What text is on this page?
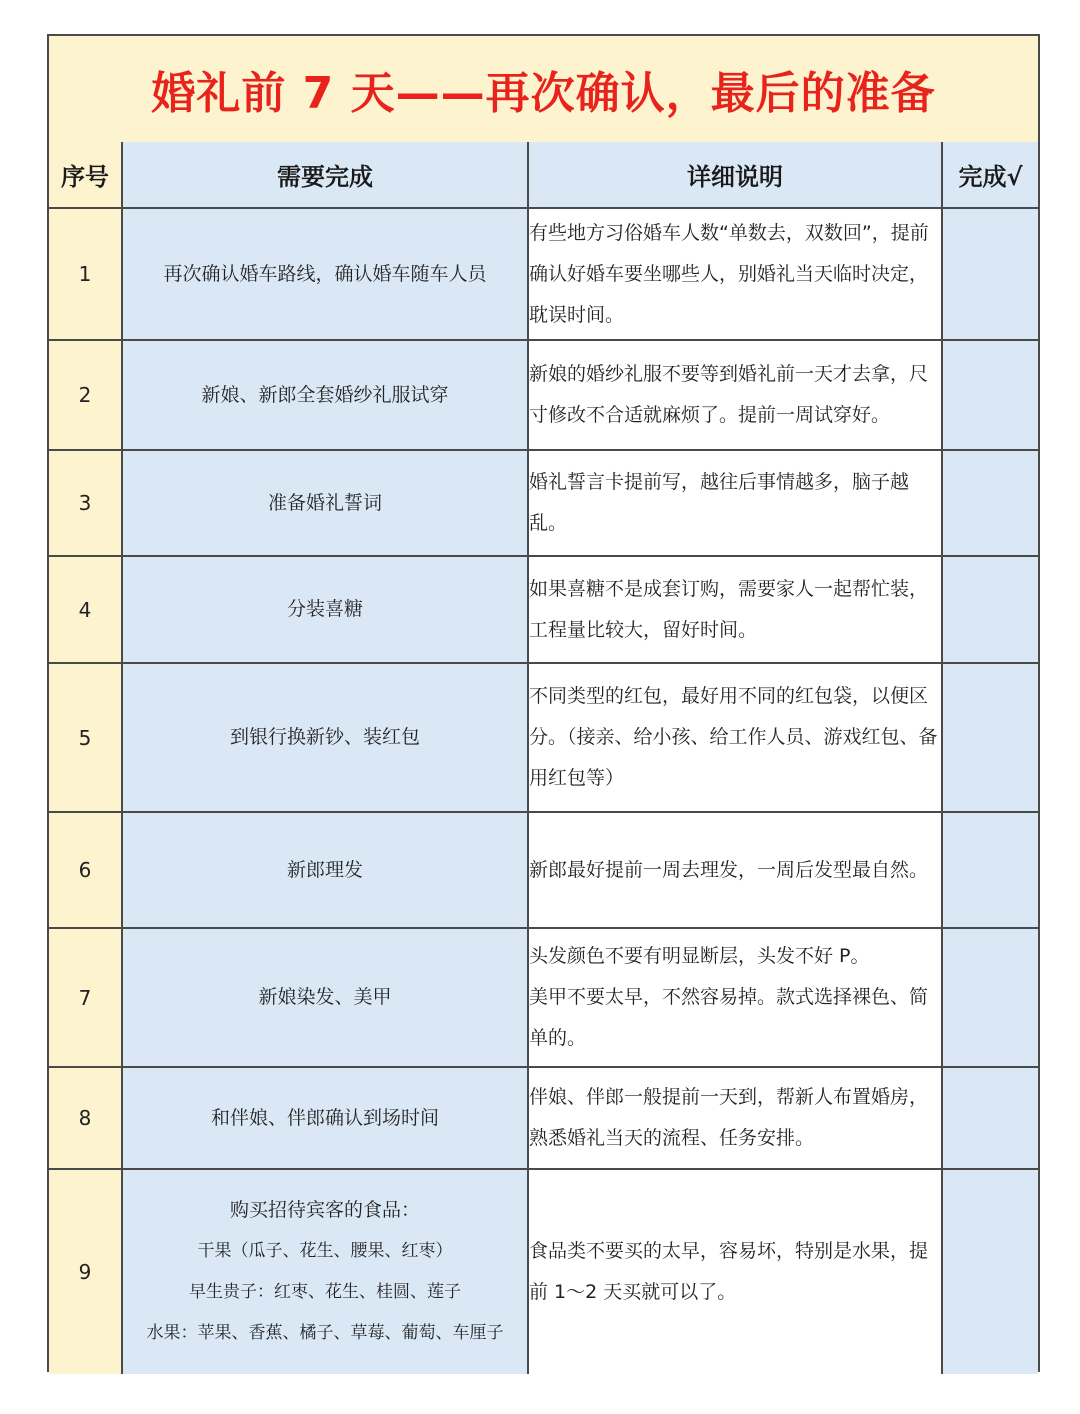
婚礼前 7 天——再次确认，最后的准备
序号	需要完成	详细说明	完成√
1	再次确认婚车路线，确认婚车随车人员	有些地方习俗婚车人数“单数去，双数回”，提前确认好婚车要坐哪些人，别婚礼当天临时决定，耽误时间。	

2	新娘、新郎全套婚纱礼服试穿	新娘的婚纱礼服不要等到婚礼前一天才去拿，尺寸修改不合适就麻烦了。提前一周试穿好。	

3	准备婚礼誓词	婚礼誓言卡提前写，越往后事情越多，脑子越乱。	

4	分装喜糖	如果喜糖不是成套订购，需要家人一起帮忙装，工程量比较大，留好时间。	

5	到银行换新钞、装红包	不同类型的红包，最好用不同的红包袋，以便区分。（接亲、给小孩、给工作人员、游戏红包、备用红包等）	

6	新郎理发	新郎最好提前一周去理发，一周后发型最自然。	

7	新娘染发、美甲	头发颜色不要有明显断层，头发不好 P。
美甲不要太早，不然容易掉。款式选择裸色、简单的。	

8	和伴娘、伴郎确认到场时间	伴娘、伴郎一般提前一天到，帮新人布置婚房，熟悉婚礼当天的流程、任务安排。	

9	购买招待宾客的食品：
干果（瓜子、花生、腰果、红枣）
早生贵子：红枣、花生、桂圆、莲子
水果：苹果、香蕉、橘子、草莓、葡萄、车厘子	食品类不要买的太早，容易坏，特别是水果，提前 1～2 天买就可以了。	
